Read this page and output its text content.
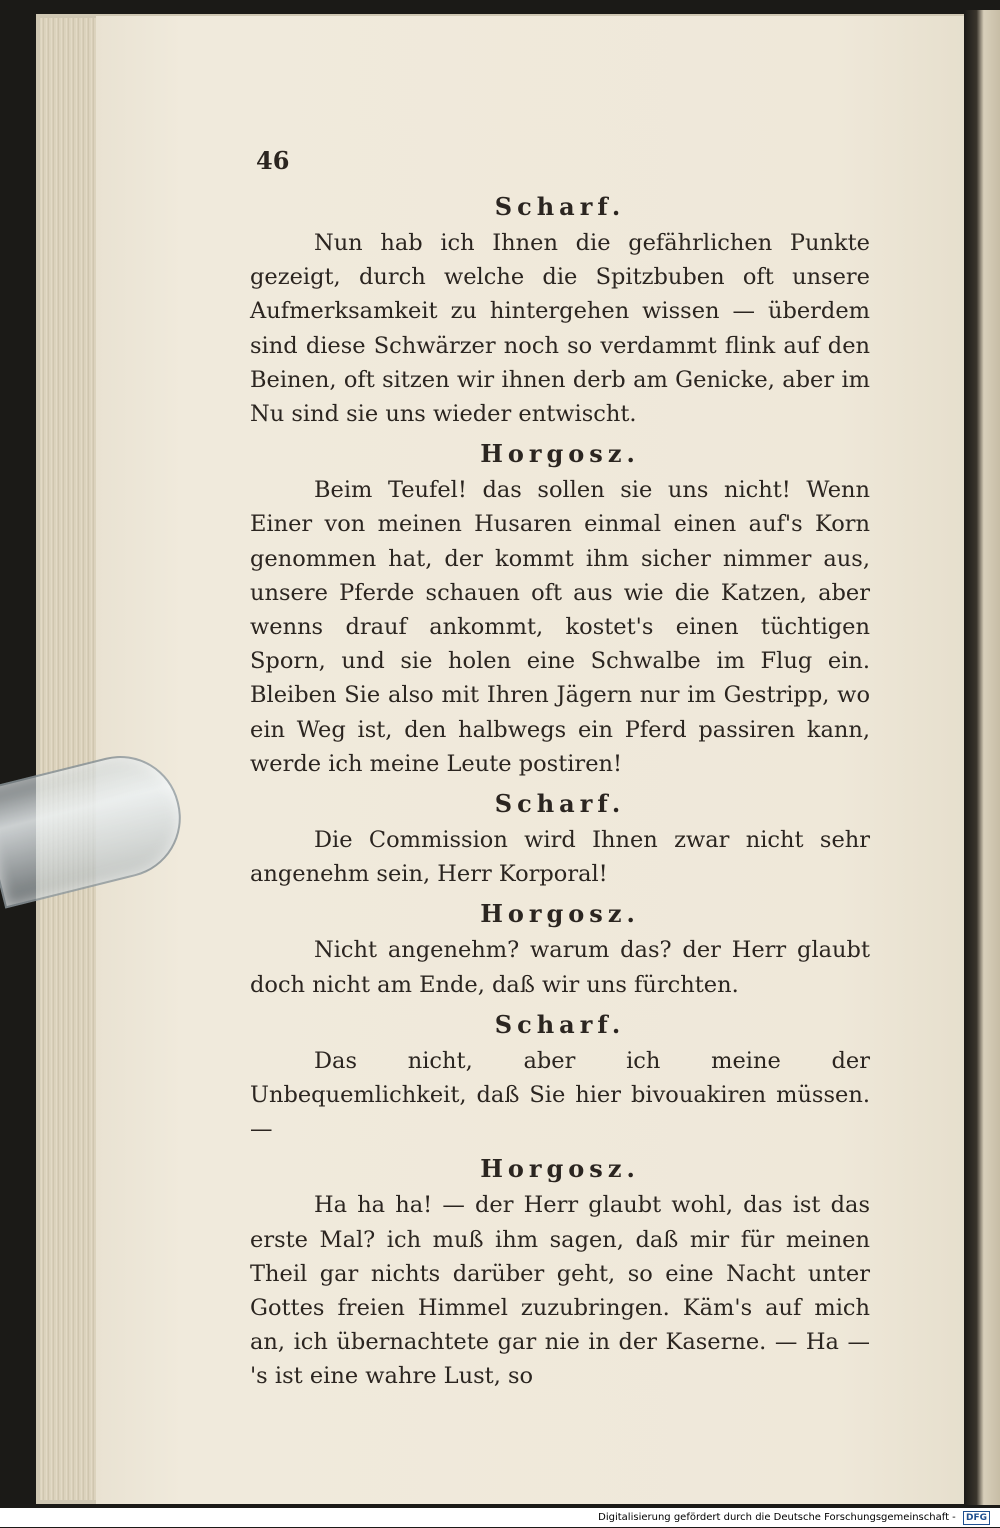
46

Scharf.

Nun hab ich Ihnen die gefährlichen Punkte gezeigt, durch welche die Spitzbuben oft unsere Aufmerksamkeit zu hintergehen wissen — überdem sind diese Schwärzer noch so verdammt flink auf den Beinen, oft sitzen wir ihnen derb am Genicke, aber im Nu sind sie uns wieder entwischt.

Horgosz.

Beim Teufel! das sollen sie uns nicht! Wenn Einer von meinen Husaren einmal einen auf's Korn genommen hat, der kommt ihm sicher nimmer aus, unsere Pferde schauen oft aus wie die Katzen, aber wenns drauf ankommt, kostet's einen tüchtigen Sporn, und sie holen eine Schwalbe im Flug ein. Bleiben Sie also mit Ihren Jägern nur im Gestripp, wo ein Weg ist, den halbwegs ein Pferd passiren kann, werde ich meine Leute postiren!

Scharf.

Die Commission wird Ihnen zwar nicht sehr angenehm sein, Herr Korporal!

Horgosz.

Nicht angenehm? warum das? der Herr glaubt doch nicht am Ende, daß wir uns fürchten.

Scharf.

Das nicht, aber ich meine der Unbequemlichkeit, daß Sie hier bivouakiren müssen. —

Horgosz.

Ha ha ha! — der Herr glaubt wohl, das ist das erste Mal? ich muß ihm sagen, daß mir für meinen Theil gar nichts darüber geht, so eine Nacht unter Gottes freien Himmel zuzubringen. Käm's auf mich an, ich übernachtete gar nie in der Kaserne. — Ha — 's ist eine wahre Lust, so

Digitalisierung gefördert durch die Deutsche Forschungsgemeinschaft - DFG
